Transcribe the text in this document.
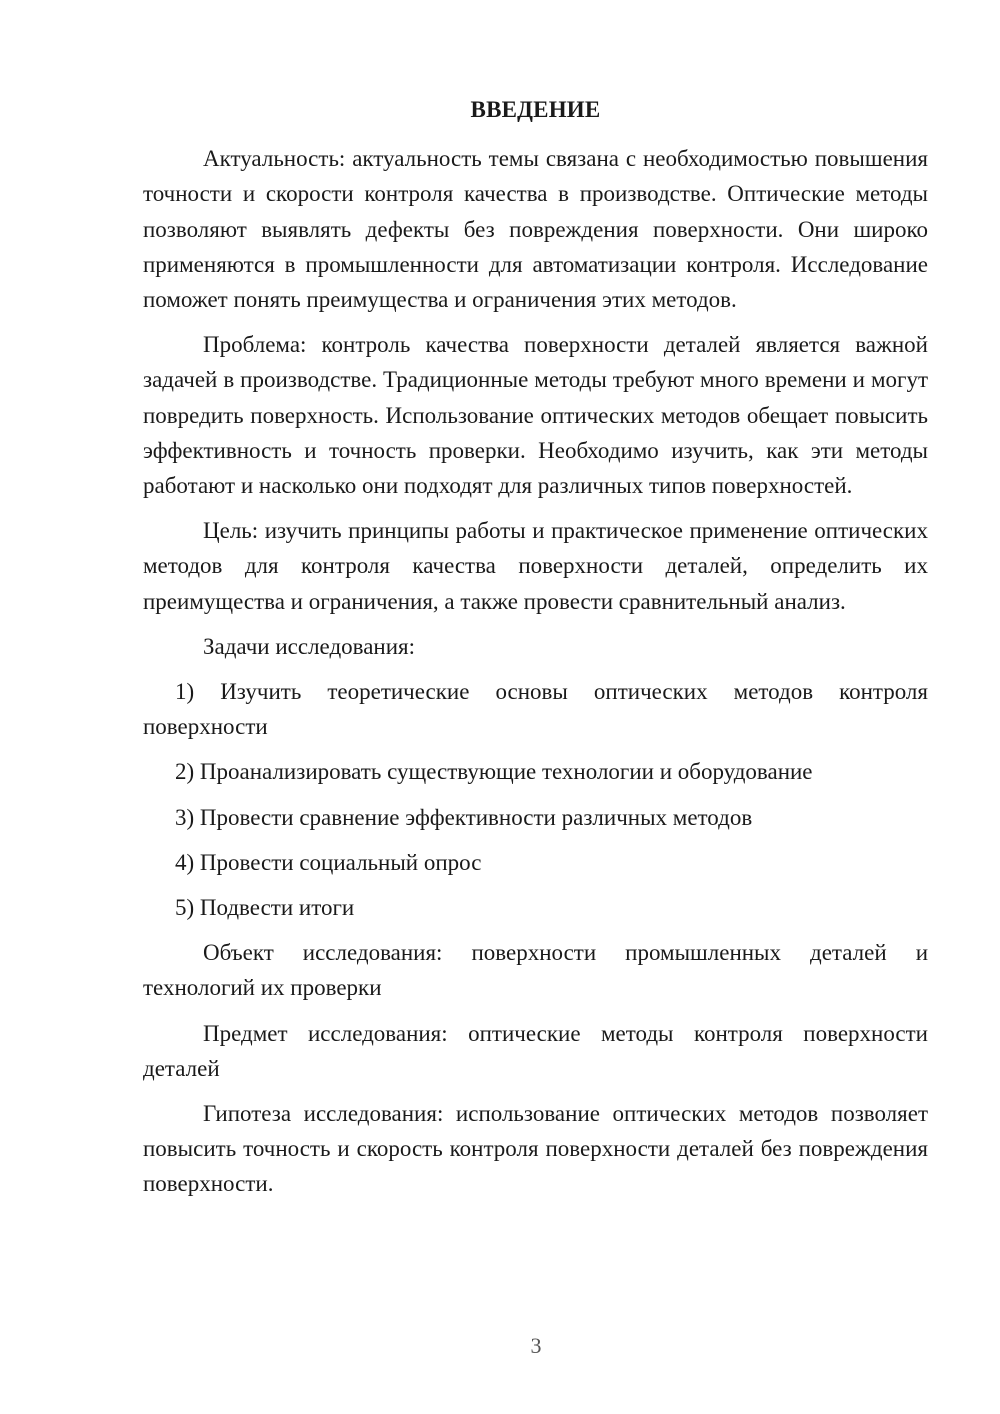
ВВЕДЕНИЕ

Актуальность: актуальность темы связана с необходимостью повышения точности и скорости контроля качества в производстве. Оптические методы позволяют выявлять дефекты без повреждения поверхности. Они широко применяются в промышленности для автоматизации контроля. Исследование поможет понять преимущества и ограничения этих методов.

Проблема: контроль качества поверхности деталей является важной задачей в производстве. Традиционные методы требуют много времени и могут повредить поверхность. Использование оптических методов обещает повысить эффективность и точность проверки. Необходимо изучить, как эти методы работают и насколько они подходят для различных типов поверхностей.

Цель: изучить принципы работы и практическое применение оптических методов для контроля качества поверхности деталей, определить их преимущества и ограничения, а также провести сравнительный анализ.

Задачи исследования:

1) Изучить теоретические основы оптических методов контроля поверхности

2) Проанализировать существующие технологии и оборудование

3) Провести сравнение эффективности различных методов

4) Провести социальный опрос

5) Подвести итоги

Объект исследования: поверхности промышленных деталей и технологий их проверки

Предмет исследования: оптические методы контроля поверхности деталей

Гипотеза исследования: использование оптических методов позволяет повысить точность и скорость контроля поверхности деталей без повреждения поверхности.

3
